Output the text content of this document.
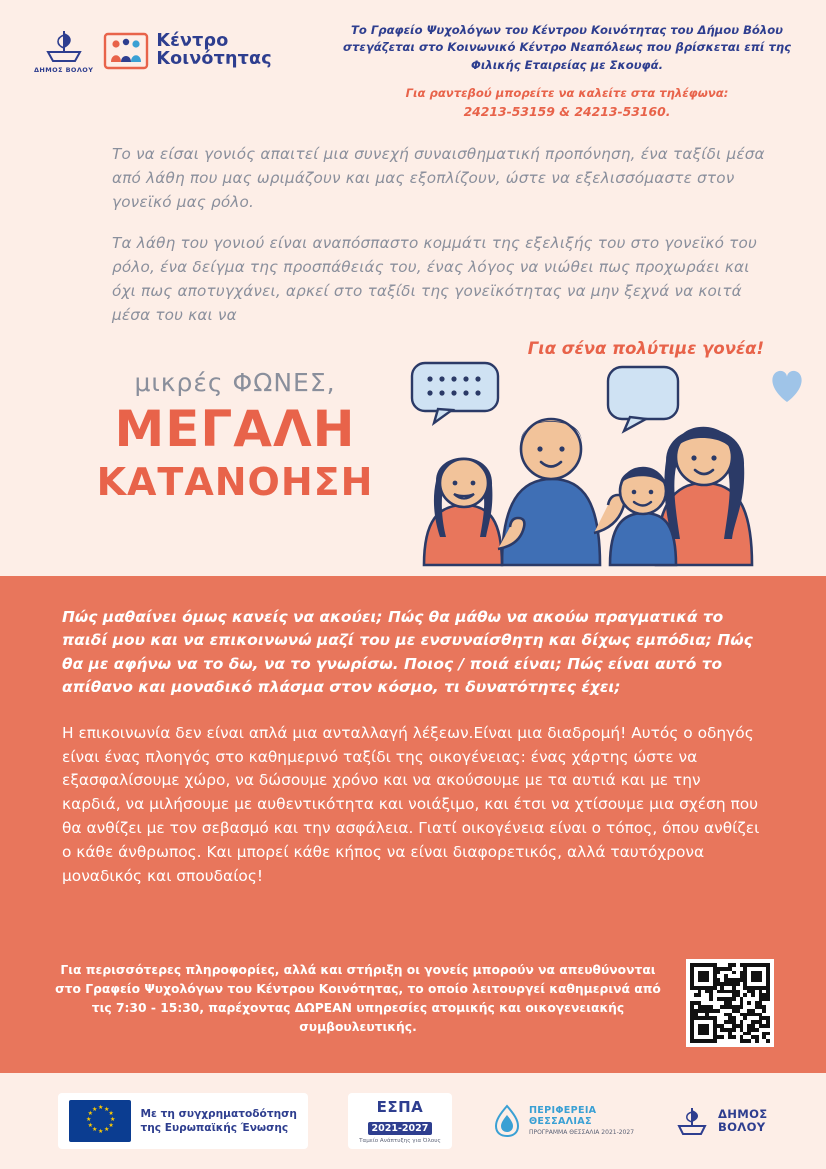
ΔΗΜΟΣ ΒΟΛΟΥ
Κέντρο
Κοινότητας
Το Γραφείο Ψυχολόγων του Κέντρου Κοινότητας του Δήμου Βόλου στεγάζεται στο Κοινωνικό Κέντρο Νεαπόλεως που βρίσκεται επί της Φιλικής Εταιρείας με Σκουφά.
Για ραντεβού μπορείτε να καλείτε στα τηλέφωνα:
24213-53159 & 24213-53160.

Το να είσαι γονιός απαιτεί μια συνεχή συναισθηματική προπόνηση, ένα ταξίδι μέσα από λάθη που μας ωριμάζουν και μας εξοπλίζουν, ώστε να εξελισσόμαστε στον γονεϊκό μας ρόλο.

Τα λάθη του γονιού είναι αναπόσπαστο κομμάτι της εξελιξής του στο γονεϊκό του ρόλο, ένα δείγμα της προσπάθειάς του, ένας λόγος να νιώθει πως προχωράει και όχι πως αποτυγχάνει, αρκεί στο ταξίδι της γονεϊκότητας να μην ξεχνά να κοιτά μέσα του και να

Για σένα πολύτιμε γονέα!
μικρές ΦΩΝΕΣ,
ΜΕΓΑΛΗ
ΚΑΤΑΝΟΗΣΗ
Πώς μαθαίνει όμως κανείς να ακούει; Πώς θα μάθω να ακούω πραγματικά το παιδί μου και να επικοινωνώ μαζί του με ενσυναίσθητη και δίχως εμπόδια; Πώς θα με αφήνω να το δω, να το γνωρίσω. Ποιος / ποιά είναι; Πώς είναι αυτό το απίθανο και μοναδικό πλάσμα στον κόσμο, τι δυνατότητες έχει;
Η επικοινωνία δεν είναι απλά μια ανταλλαγή λέξεων.Είναι μια διαδρομή! Αυτός ο οδηγός είναι ένας πλοηγός στο καθημερινό ταξίδι της οικογένειας: ένας χάρτης ώστε να εξασφαλίσουμε χώρο, να δώσουμε χρόνο και να ακούσουμε με τα αυτιά και με την καρδιά, να μιλήσουμε με αυθεντικότητα και νοιάξιμο, και έτσι να χτίσουμε μια σχέση που θα ανθίζει με τον σεβασμό και την ασφάλεια. Γιατί οικογένεια είναι ο τόπος, όπου ανθίζει ο κάθε άνθρωπος. Και μπορεί κάθε κήπος να είναι διαφορετικός, αλλά ταυτόχρονα μοναδικός και σπουδαίος!
Για περισσότερες πληροφορίες, αλλά και στήριξη οι γονείς μπορούν να απευθύνονται στο Γραφείο Ψυχολόγων του Κέντρου Κοινότητας, το οποίο λειτουργεί καθημερινά από τις 7:30 - 15:30, παρέχοντας ΔΩΡΕΑΝ υπηρεσίες ατομικής και οικογενειακής συμβουλευτικής.
★ ★
★
★
★
★
★
★
★
★
★
★	Με τη συγχρηματοδότηση
της Ευρωπαϊκής Ένωσης
ΕΣΠΑ
2021-2027
Ταμείο Ανάπτυξης για Όλους
ΠΕΡΙΦΕΡΕΙΑ
ΘΕΣΣΑΛΙΑΣ
ΠΡΟΓΡΑΜΜΑ ΘΕΣΣΑΛΙΑ 2021-2027
ΔΗΜΟΣ
ΒΟΛΟΥ
